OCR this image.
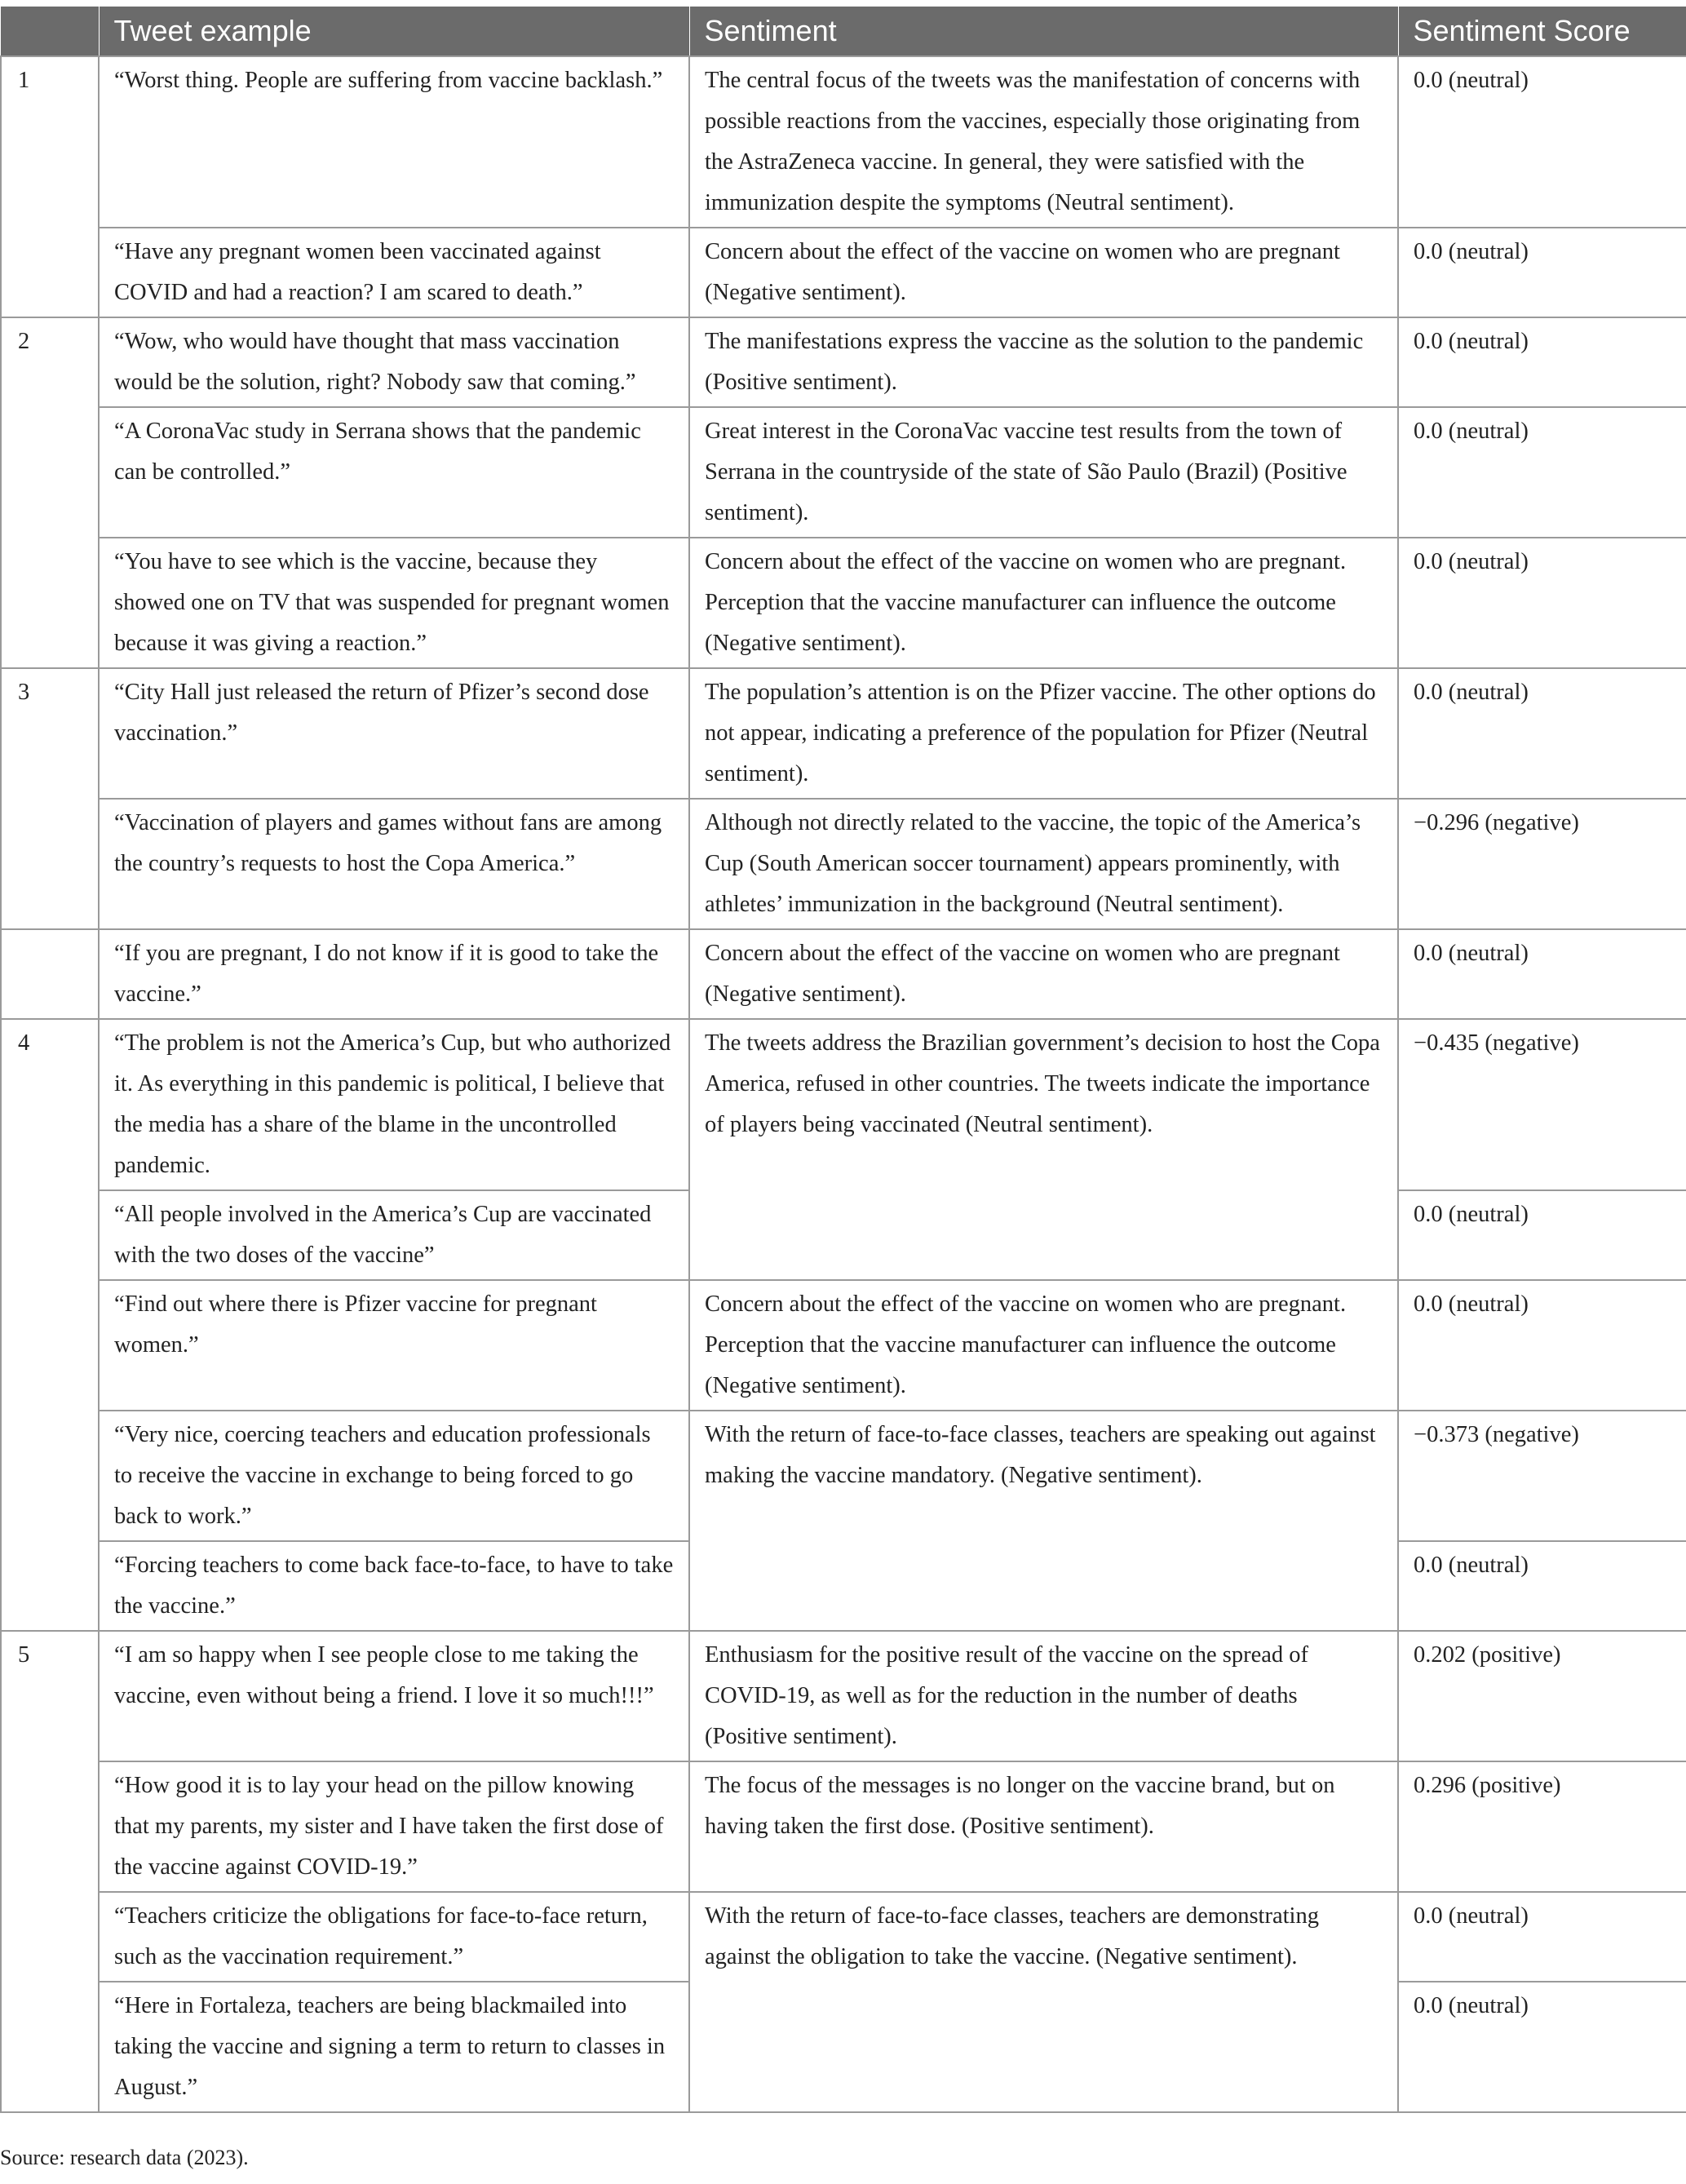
	Tweet example	Sentiment	Sentiment Score
1	“Worst thing. People are suffering from vaccine backlash.”	The central focus of the tweets was the manifestation of concerns with possible reactions from the vaccines, especially those originating from the AstraZeneca vaccine. In general, they were satisfied with the immunization despite the symptoms (Neutral sentiment).	0.0 (neutral)
	“Have any pregnant women been vaccinated against COVID and had a reaction? I am scared to death.”	Concern about the effect of the vaccine on women who are pregnant (Negative sentiment).	0.0 (neutral)
2	“Wow, who would have thought that mass vaccination would be the solution, right? Nobody saw that coming.”	The manifestations express the vaccine as the solution to the pandemic (Positive sentiment).	0.0 (neutral)
	“A CoronaVac study in Serrana shows that the pandemic can be controlled.”	Great interest in the CoronaVac vaccine test results from the town of Serrana in the countryside of the state of São Paulo (Brazil) (Positive sentiment).	0.0 (neutral)
	“You have to see which is the vaccine, because they showed one on TV that was suspended for pregnant women because it was giving a reaction.”	Concern about the effect of the vaccine on women who are pregnant. Perception that the vaccine manufacturer can influence the outcome (Negative sentiment).	0.0 (neutral)
3	“City Hall just released the return of Pfizer’s second dose vaccination.”	The population’s attention is on the Pfizer vaccine. The other options do not appear, indicating a preference of the population for Pfizer (Neutral sentiment).	0.0 (neutral)
	“Vaccination of players and games without fans are among the country’s requests to host the Copa America.”	Although not directly related to the vaccine, the topic of the America’s Cup (South American soccer tournament) appears prominently, with athletes’ immunization in the background (Neutral sentiment).	−0.296 (negative)
	“If you are pregnant, I do not know if it is good to take the vaccine.”	Concern about the effect of the vaccine on women who are pregnant (Negative sentiment).	0.0 (neutral)
4	“The problem is not the America’s Cup, but who authorized it. As everything in this pandemic is political, I believe that the media has a share of the blame in the uncontrolled pandemic.	The tweets address the Brazilian government’s decision to host the Copa America, refused in other countries. The tweets indicate the importance of players being vaccinated (Neutral sentiment).	−0.435 (negative)
	“All people involved in the America’s Cup are vaccinated with the two doses of the vaccine”		0.0 (neutral)
	“Find out where there is Pfizer vaccine for pregnant women.”	Concern about the effect of the vaccine on women who are pregnant. Perception that the vaccine manufacturer can influence the outcome (Negative sentiment).	0.0 (neutral)
	“Very nice, coercing teachers and education professionals to receive the vaccine in exchange to being forced to go back to work.”	With the return of face-to-face classes, teachers are speaking out against making the vaccine mandatory. (Negative sentiment).	−0.373 (negative)
	“Forcing teachers to come back face-to-face, to have to take the vaccine.”		0.0 (neutral)
5	“I am so happy when I see people close to me taking the vaccine, even without being a friend. I love it so much!!!”	Enthusiasm for the positive result of the vaccine on the spread of COVID-19, as well as for the reduction in the number of deaths (Positive sentiment).	0.202 (positive)
	“How good it is to lay your head on the pillow knowing that my parents, my sister and I have taken the first dose of the vaccine against COVID-19.”	The focus of the messages is no longer on the vaccine brand, but on having taken the first dose. (Positive sentiment).	0.296 (positive)
	“Teachers criticize the obligations for face-to-face return, such as the vaccination requirement.”	With the return of face-to-face classes, teachers are demonstrating against the obligation to take the vaccine. (Negative sentiment).	0.0 (neutral)
	“Here in Fortaleza, teachers are being blackmailed into taking the vaccine and signing a term to return to classes in August.”		0.0 (neutral)
Source: research data (2023).
